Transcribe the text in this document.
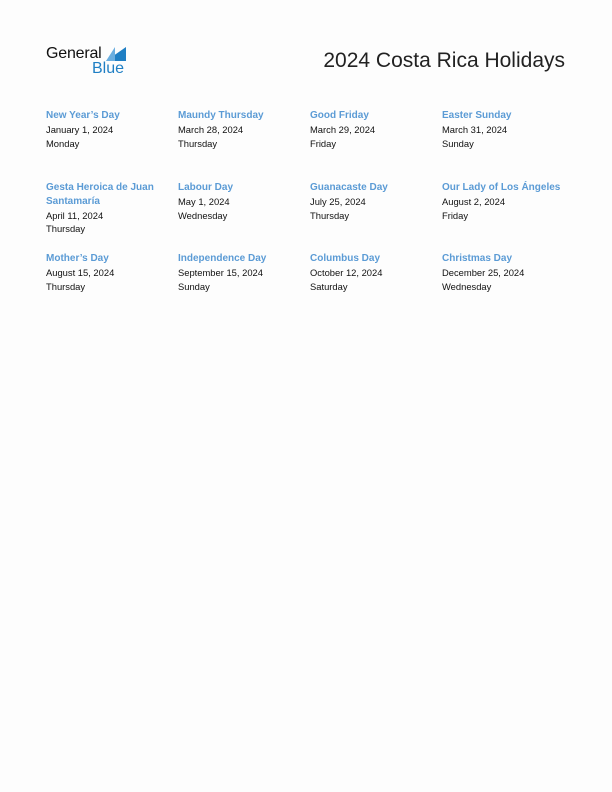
General
Blue	2024 Costa Rica Holidays
New Year’s Day
January 1, 2024
Monday
Maundy Thursday
March 28, 2024
Thursday
Good Friday
March 29, 2024
Friday
Easter Sunday
March 31, 2024
Sunday
Gesta Heroica de Juan Santamaría
April 11, 2024
Thursday
Labour Day
May 1, 2024
Wednesday
Guanacaste Day
July 25, 2024
Thursday
Our Lady of Los Ángeles
August 2, 2024
Friday
Mother’s Day
August 15, 2024
Thursday
Independence Day
September 15, 2024
Sunday
Columbus Day
October 12, 2024
Saturday
Christmas Day
December 25, 2024
Wednesday
